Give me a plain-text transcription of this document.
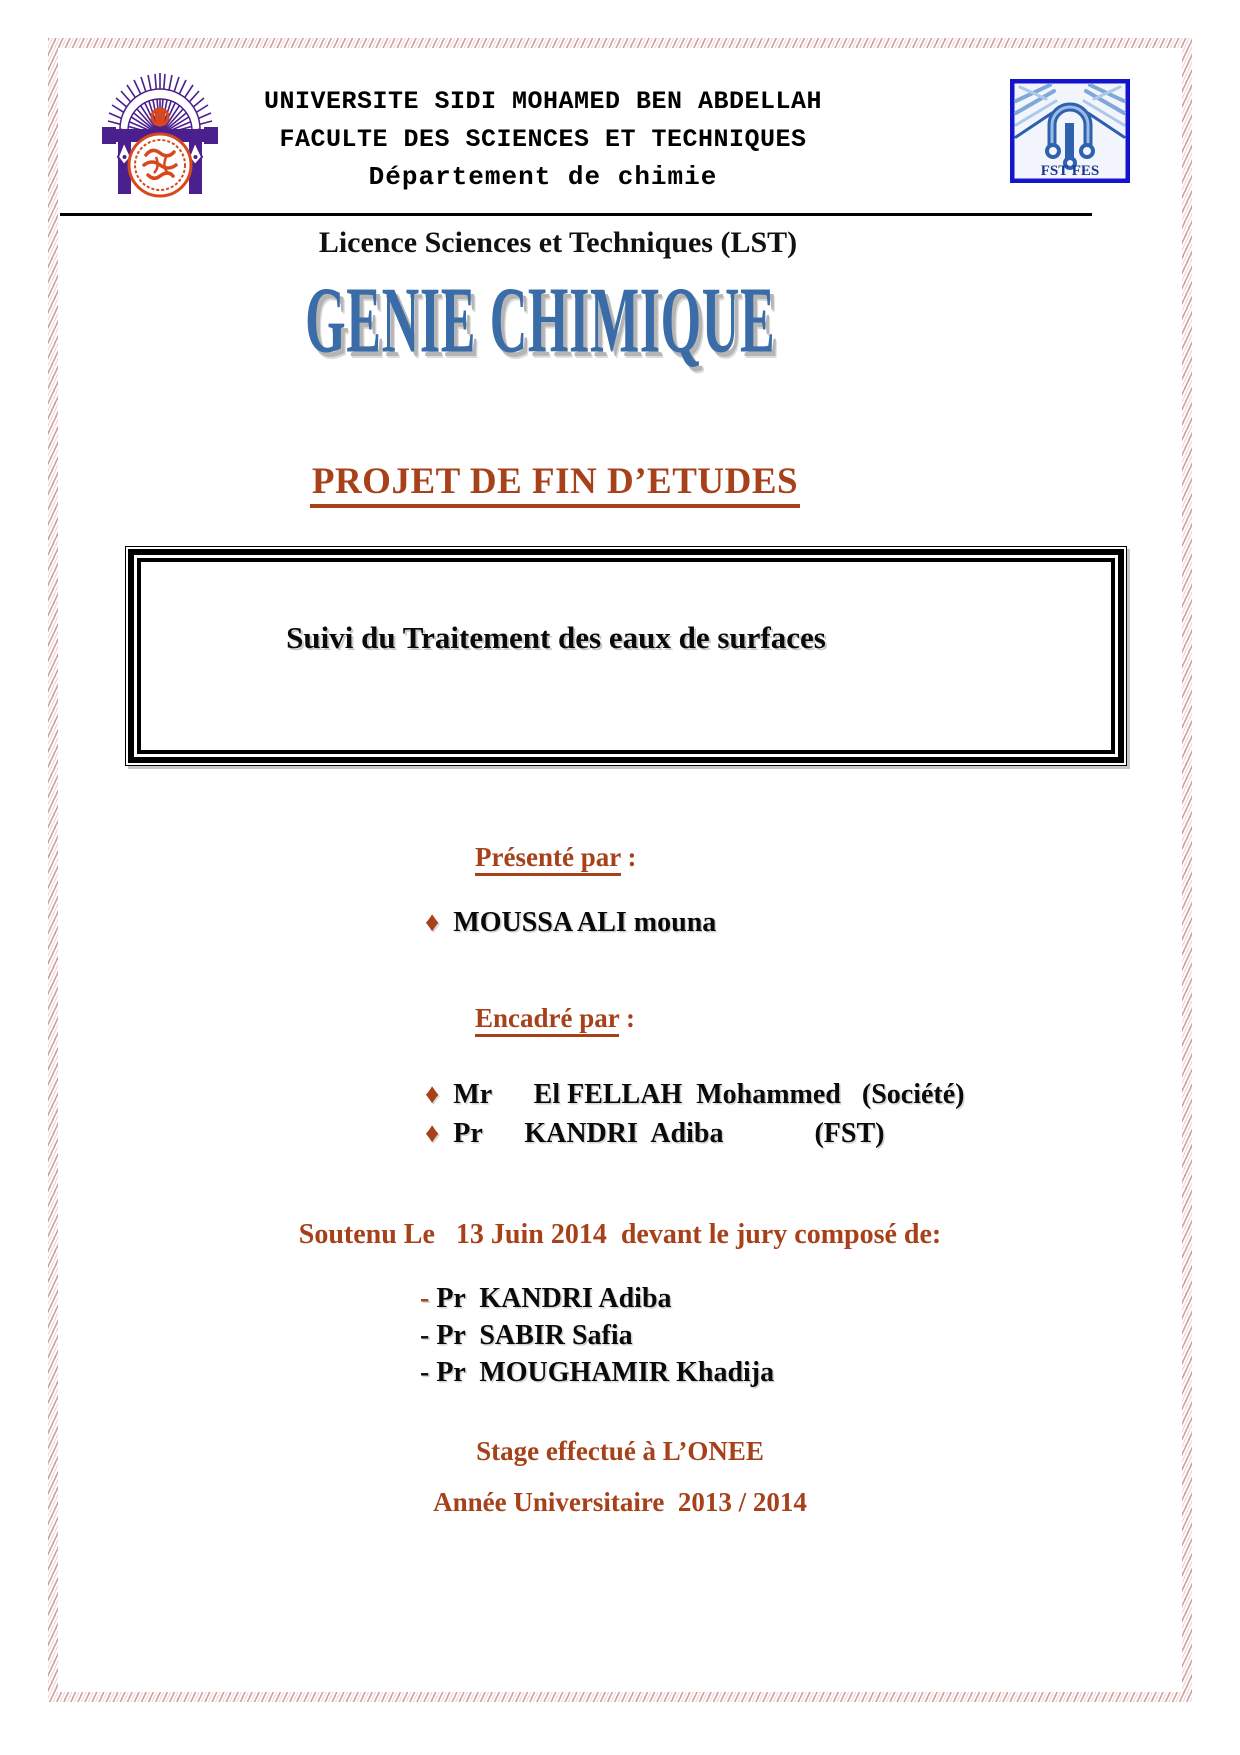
UNIVERSITE SIDI MOHAMED BEN ABDELLAH
FACULTE DES SCIENCES ET TECHNIQUES
Département de chimie	FST FES
Licence Sciences et Techniques (LST)
GENIE CHIMIQUE
PROJET DE FIN D’ETUDES
Suivi du Traitement des eaux de surfaces
Présenté par :
♦ MOUSSA ALI mouna
Encadré par :
♦ Mr      El FELLAH  Mohammed   (Société)
♦ Pr      KANDRI  Adiba             (FST)
Soutenu Le   13 Juin 2014  devant le jury composé de:
- Pr  KANDRI Adiba
- Pr  SABIR Safia
- Pr  MOUGHAMIR Khadija
Stage effectué à L’ONEE
Année Universitaire  2013 / 2014
